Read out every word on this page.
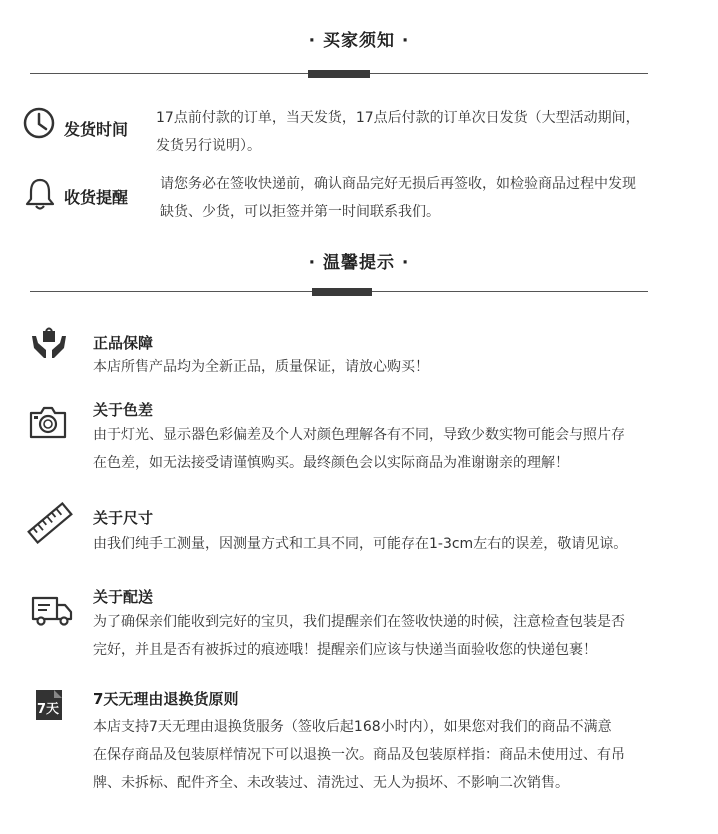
· 买家须知 ·
发货时间

17点前付款的订单，当天发货，17点后付款的订单次日发货（大型活动期间，

发货另行说明）。

收货提醒

请您务必在签收快递前，确认商品完好无损后再签收，如检验商品过程中发现

缺货、少货，可以拒签并第一时间联系我们。

· 温馨提示 ·
正品保障

本店所售产品均为全新正品，质量保证，请放心购买！

关于色差

由于灯光、显示器色彩偏差及个人对颜色理解各有不同，导致少数实物可能会与照片存

在色差，如无法接受请谨慎购买。最终颜色会以实际商品为准谢谢亲的理解！

关于尺寸

由我们纯手工测量，因测量方式和工具不同，可能存在1-3cm左右的误差，敬请见谅。

关于配送

为了确保亲们能收到完好的宝贝，我们提醒亲们在签收快递的时候，注意检查包装是否

完好，并且是否有被拆过的痕迹哦！提醒亲们应该与快递当面验收您的快递包裹！

7天
7天无理由退换货原则

本店支持7天无理由退换货服务（签收后起168小时内），如果您对我们的商品不满意

在保存商品及包装原样情况下可以退换一次。商品及包装原样指：商品未使用过、有吊

牌、未拆标、配件齐全、未改装过、清洗过、无人为损坏、不影响二次销售。
